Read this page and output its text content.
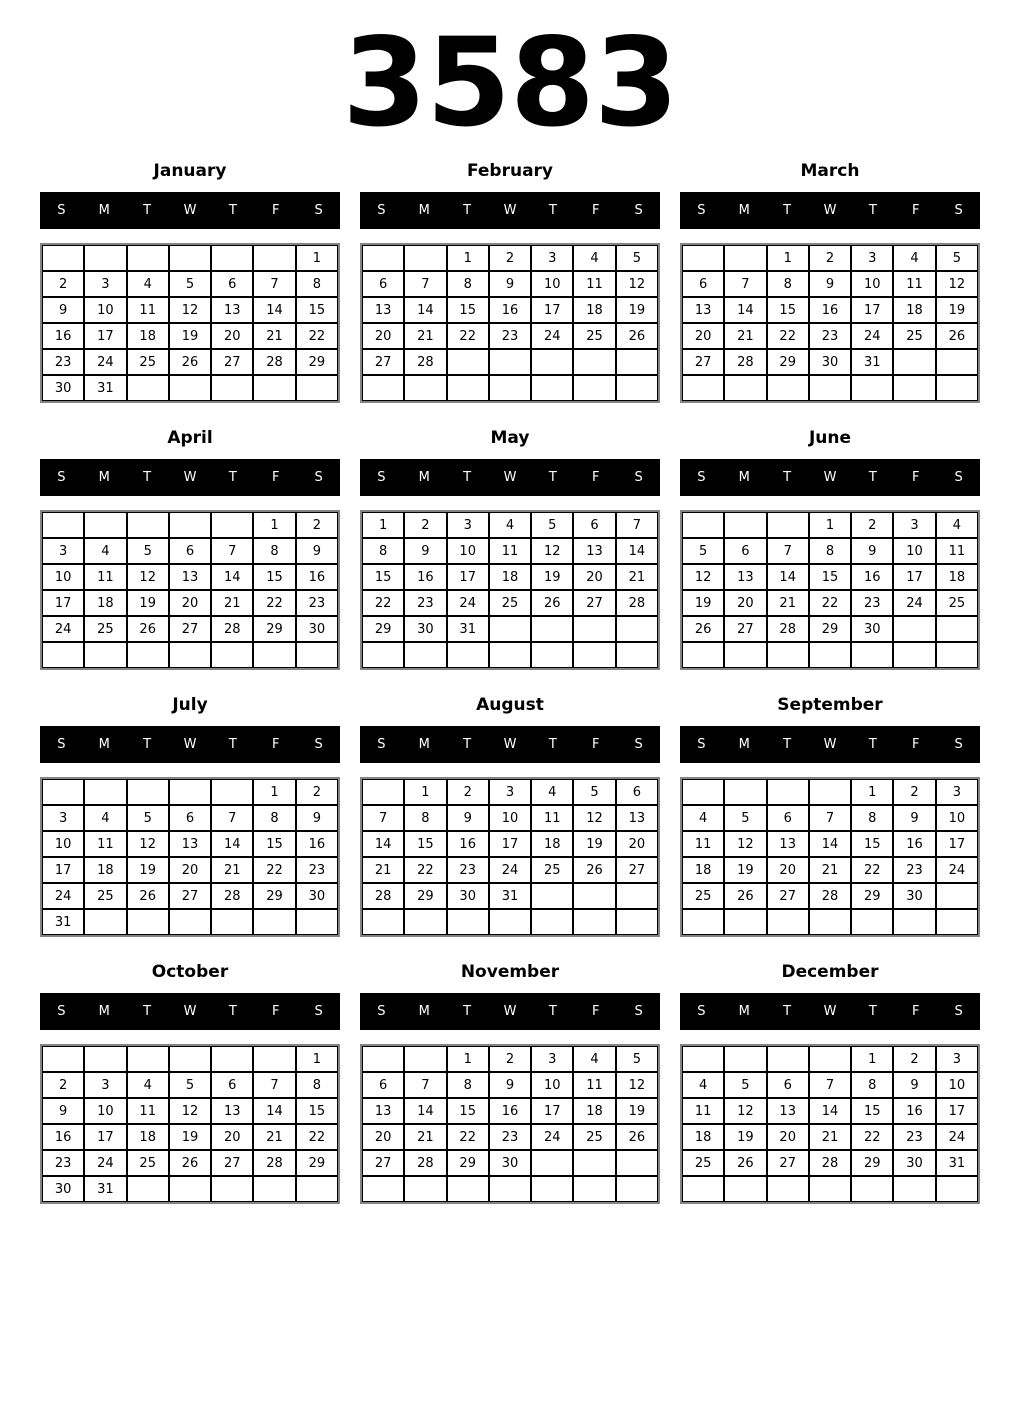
3583
January
S	M	T	W	T	F	S
						1
2	3	4	5	6	7	8
9	10	11	12	13	14	15
16	17	18	19	20	21	22
23	24	25	26	27	28	29
30	31					
February
S	M	T	W	T	F	S
		1	2	3	4	5
6	7	8	9	10	11	12
13	14	15	16	17	18	19
20	21	22	23	24	25	26
27	28					

March
S	M	T	W	T	F	S
		1	2	3	4	5
6	7	8	9	10	11	12
13	14	15	16	17	18	19
20	21	22	23	24	25	26
27	28	29	30	31		

April
S	M	T	W	T	F	S
					1	2
3	4	5	6	7	8	9
10	11	12	13	14	15	16
17	18	19	20	21	22	23
24	25	26	27	28	29	30

May
S	M	T	W	T	F	S
1	2	3	4	5	6	7
8	9	10	11	12	13	14
15	16	17	18	19	20	21
22	23	24	25	26	27	28
29	30	31				

June
S	M	T	W	T	F	S
			1	2	3	4
5	6	7	8	9	10	11
12	13	14	15	16	17	18
19	20	21	22	23	24	25
26	27	28	29	30		

July
S	M	T	W	T	F	S
					1	2
3	4	5	6	7	8	9
10	11	12	13	14	15	16
17	18	19	20	21	22	23
24	25	26	27	28	29	30
31						
August
S	M	T	W	T	F	S
	1	2	3	4	5	6
7	8	9	10	11	12	13
14	15	16	17	18	19	20
21	22	23	24	25	26	27
28	29	30	31			

September
S	M	T	W	T	F	S
				1	2	3
4	5	6	7	8	9	10
11	12	13	14	15	16	17
18	19	20	21	22	23	24
25	26	27	28	29	30	

October
S	M	T	W	T	F	S
						1
2	3	4	5	6	7	8
9	10	11	12	13	14	15
16	17	18	19	20	21	22
23	24	25	26	27	28	29
30	31					
November
S	M	T	W	T	F	S
		1	2	3	4	5
6	7	8	9	10	11	12
13	14	15	16	17	18	19
20	21	22	23	24	25	26
27	28	29	30			

December
S	M	T	W	T	F	S
				1	2	3
4	5	6	7	8	9	10
11	12	13	14	15	16	17
18	19	20	21	22	23	24
25	26	27	28	29	30	31
